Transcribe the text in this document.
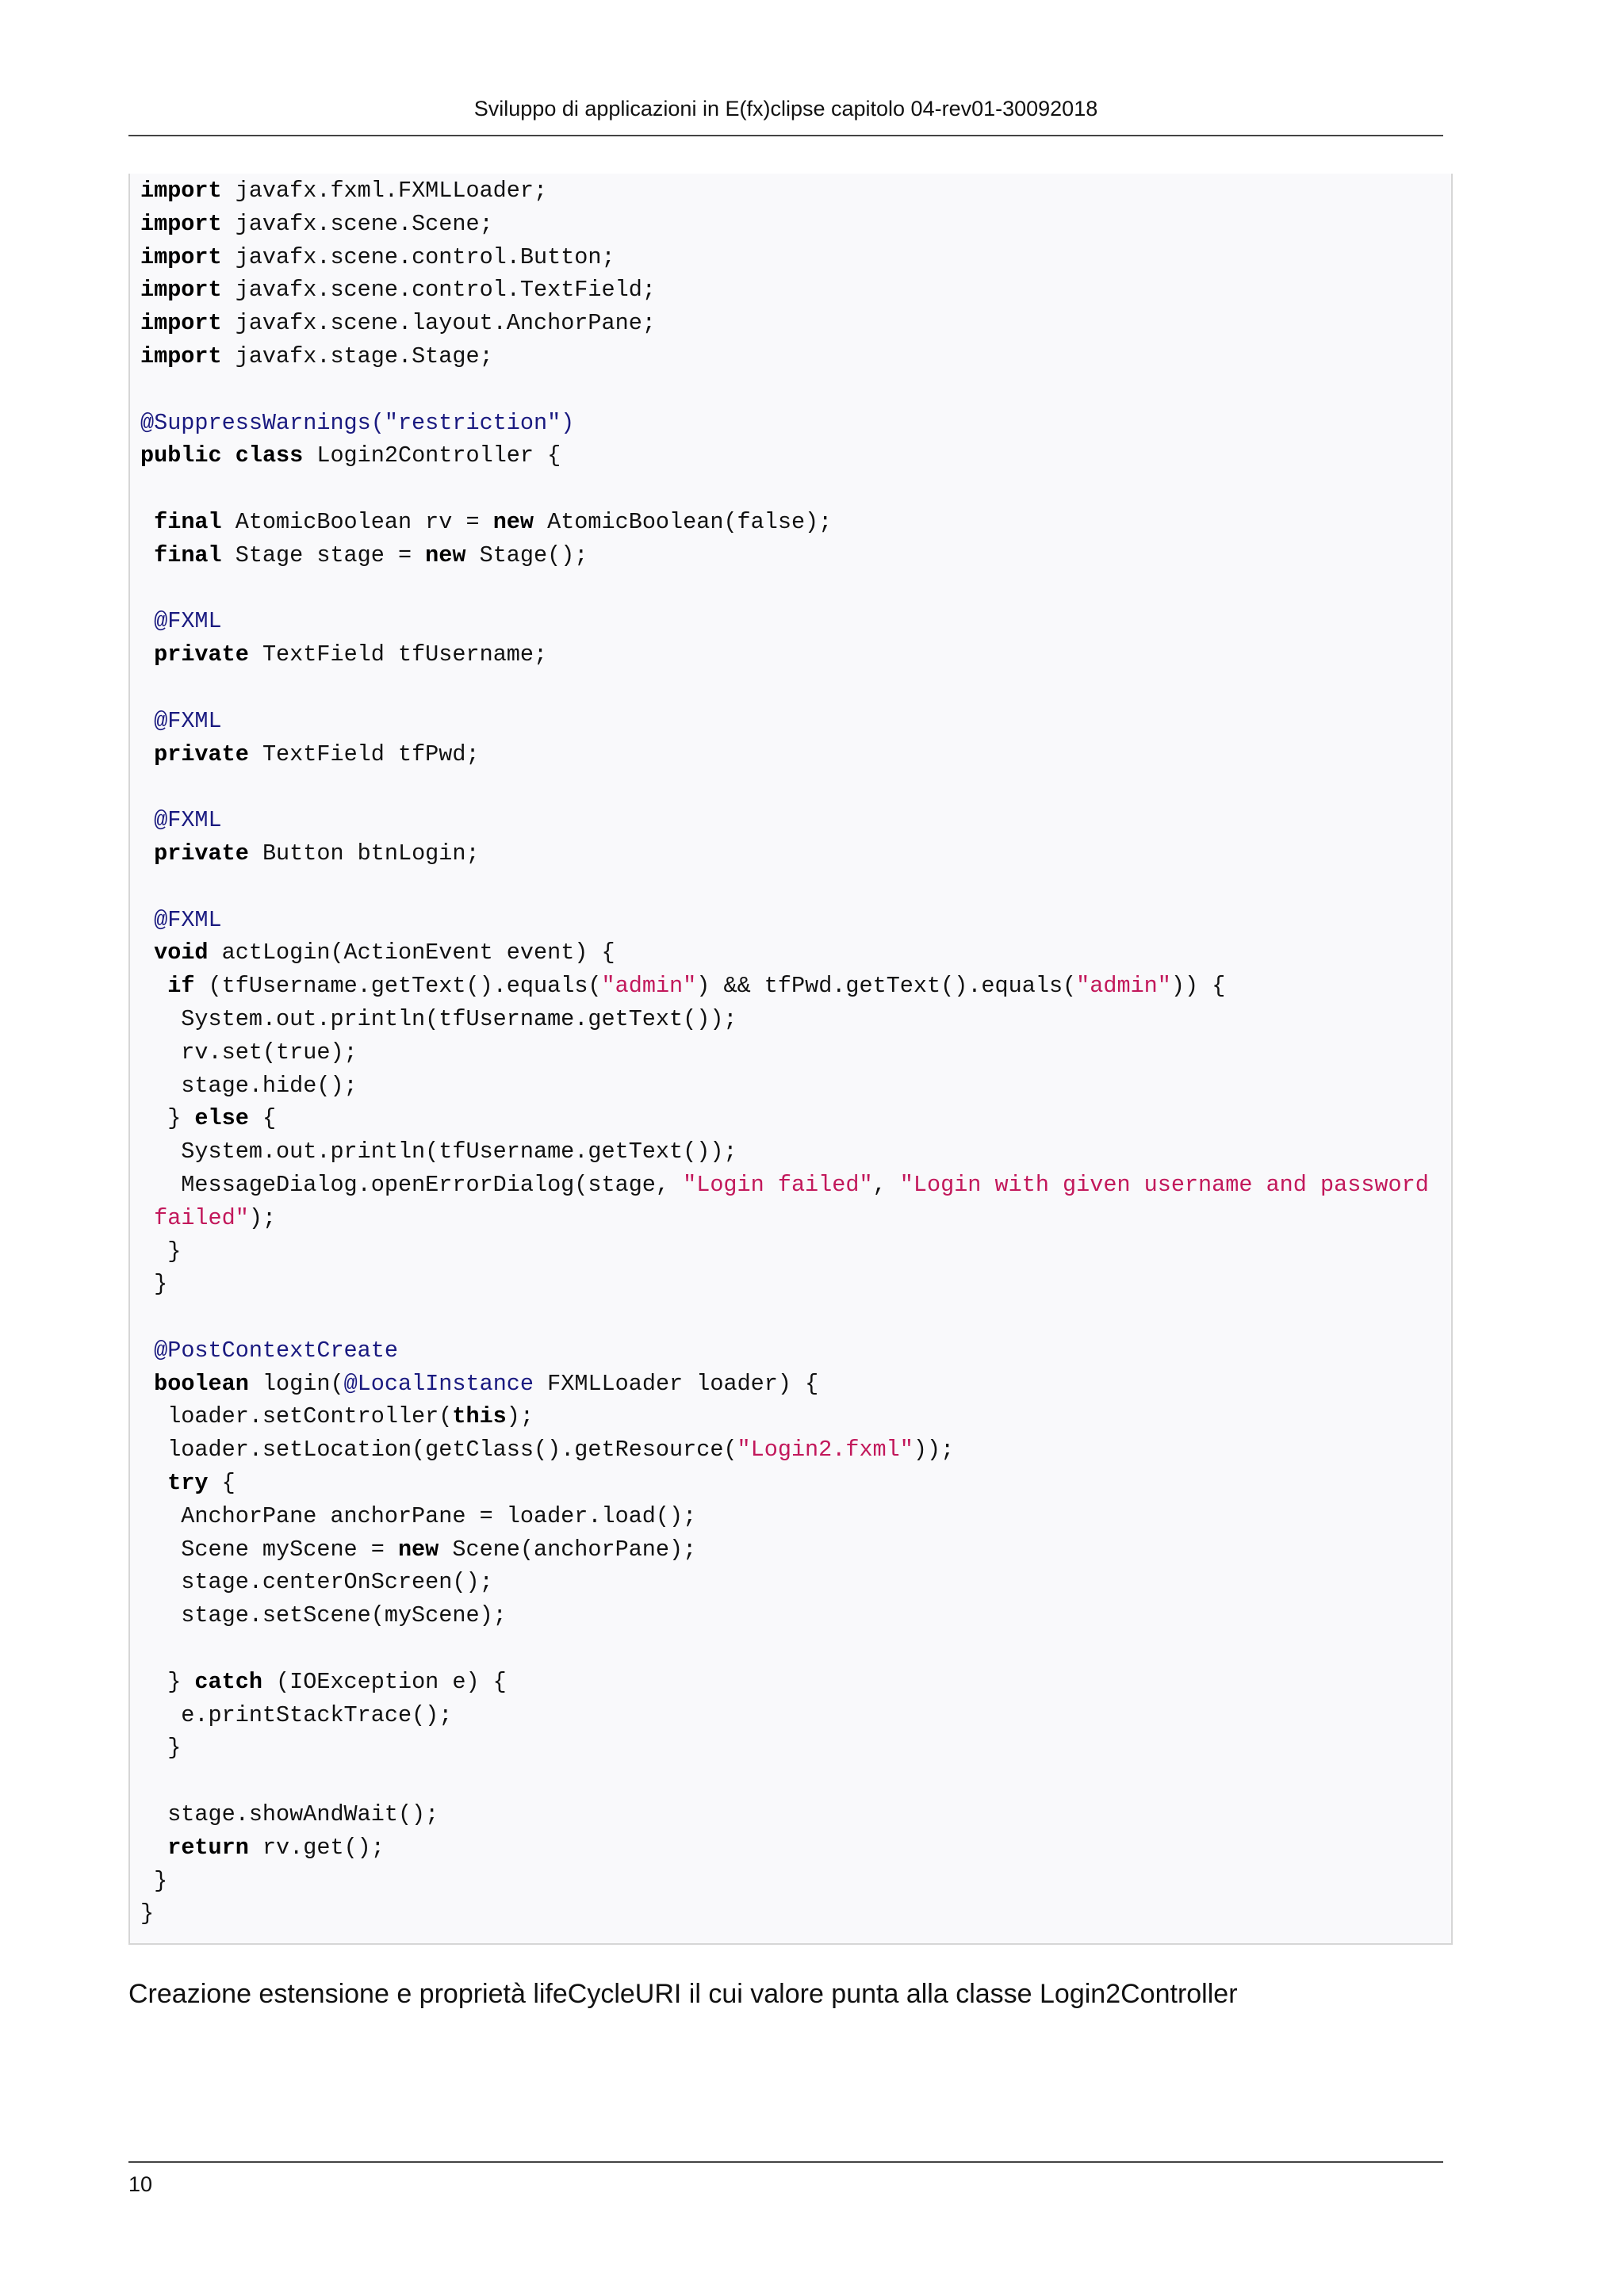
Sviluppo di applicazioni in E(fx)clipse capitolo 04-rev01-30092018
import javafx.fxml.FXMLLoader;
import javafx.scene.Scene;
import javafx.scene.control.Button;
import javafx.scene.control.TextField;
import javafx.scene.layout.AnchorPane;
import javafx.stage.Stage;

@SuppressWarnings("restriction")
public class Login2Controller {

final AtomicBoolean rv = new AtomicBoolean(false);
final Stage stage = new Stage();

@FXML
private TextField tfUsername;

@FXML
private TextField tfPwd;

@FXML
private Button btnLogin;

@FXML
void actLogin(ActionEvent event) {
if (tfUsername.getText().equals("admin") && tfPwd.getText().equals("admin")) {
System.out.println(tfUsername.getText());
rv.set(true);
stage.hide();
} else {
System.out.println(tfUsername.getText());
MessageDialog.openErrorDialog(stage, "Login failed", "Login with given username and password
failed");
}
}

@PostContextCreate
boolean login(@LocalInstance FXMLLoader loader) {
loader.setController(this);
loader.setLocation(getClass().getResource("Login2.fxml"));
try {
AnchorPane anchorPane = loader.load();
Scene myScene = new Scene(anchorPane);
stage.centerOnScreen();
stage.setScene(myScene);

} catch (IOException e) {
e.printStackTrace();
}

stage.showAndWait();
return rv.get();
}
}
Creazione estensione e proprietà lifeCycleURI il cui valore punta alla classe Login2Controller
10
